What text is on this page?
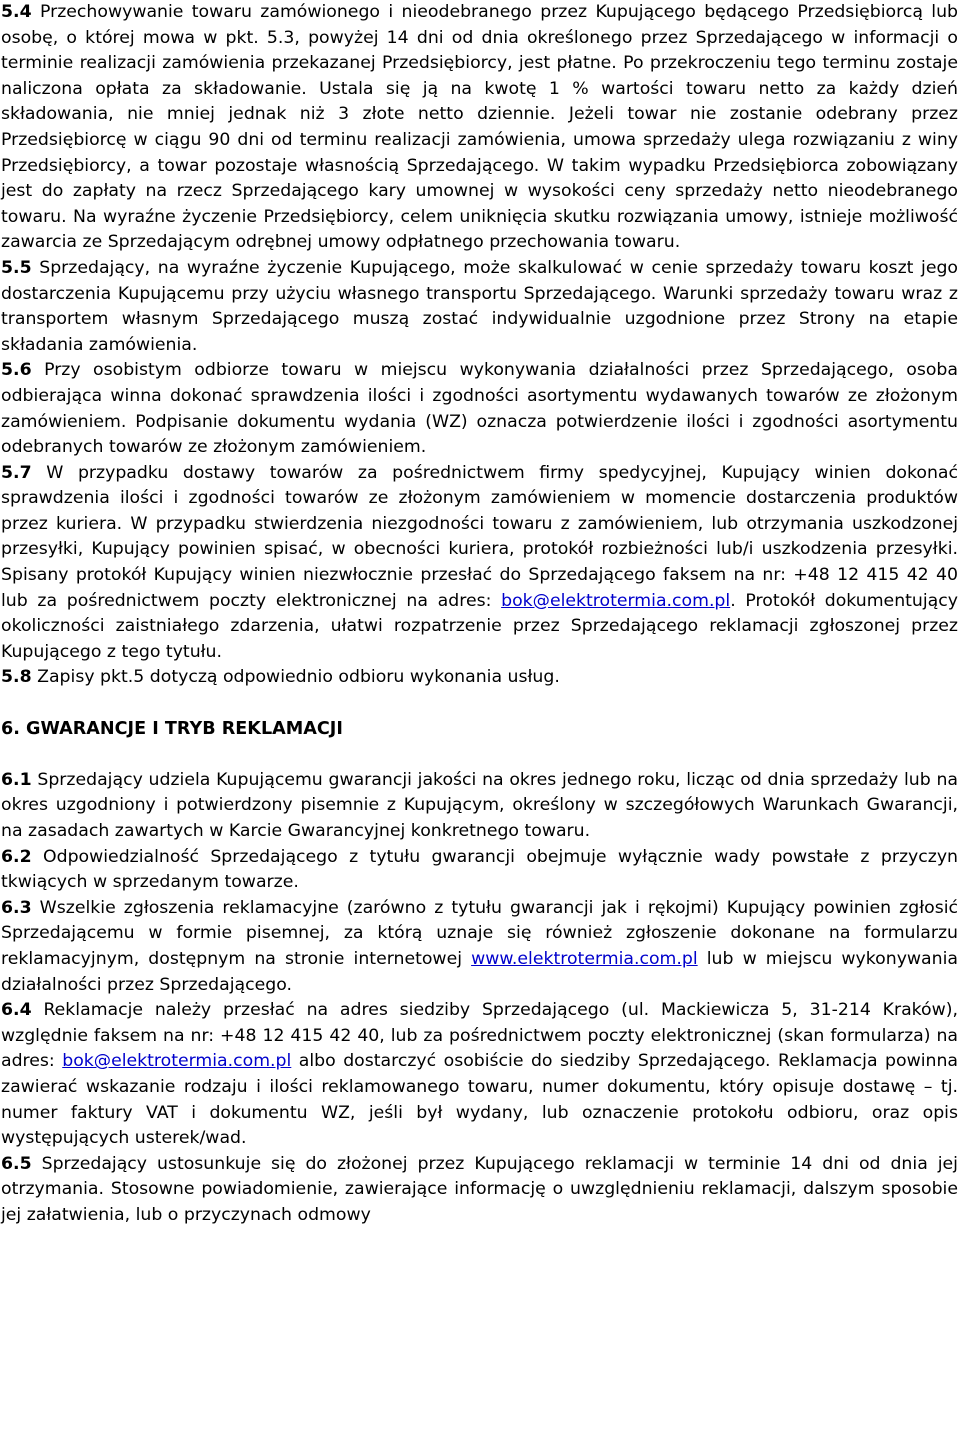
5.4 Przechowywanie towaru zamówionego i nieodebranego przez Kupującego będącego Przedsiębiorcą lub osobę, o której mowa w pkt. 5.3, powyżej 14 dni od dnia określonego przez Sprzedającego w informacji o terminie realizacji zamówienia przekazanej Przedsiębiorcy, jest płatne. Po przekroczeniu tego terminu zostaje naliczona opłata za składowanie. Ustala się ją na kwotę 1 % wartości towaru netto za każdy dzień składowania, nie mniej jednak niż 3 złote netto dziennie. Jeżeli towar nie zostanie odebrany przez Przedsiębiorcę w ciągu 90 dni od terminu realizacji zamówienia, umowa sprzedaży ulega rozwiązaniu z winy Przedsiębiorcy, a towar pozostaje własnością Sprzedającego. W takim wypadku Przedsiębiorca zobowiązany jest do zapłaty na rzecz Sprzedającego kary umownej w wysokości ceny sprzedaży netto nieodebranego towaru. Na wyraźne życzenie Przedsiębiorcy, celem uniknięcia skutku rozwiązania umowy, istnieje możliwość zawarcia ze Sprzedającym odrębnej umowy odpłatnego przechowania towaru.

5.5 Sprzedający, na wyraźne życzenie Kupującego, może skalkulować w cenie sprzedaży towaru koszt jego dostarczenia Kupującemu przy użyciu własnego transportu Sprzedającego. Warunki sprzedaży towaru wraz z transportem własnym Sprzedającego muszą zostać indywidualnie uzgodnione przez Strony na etapie składania zamówienia.

5.6 Przy osobistym odbiorze towaru w miejscu wykonywania działalności przez Sprzedającego, osoba odbierająca winna dokonać sprawdzenia ilości i zgodności asortymentu wydawanych towarów ze złożonym zamówieniem. Podpisanie dokumentu wydania (WZ) oznacza potwierdzenie ilości i zgodności asortymentu odebranych towarów ze złożonym zamówieniem.

5.7 W przypadku dostawy towarów za pośrednictwem firmy spedycyjnej, Kupujący winien dokonać sprawdzenia ilości i zgodności towarów ze złożonym zamówieniem w momencie dostarczenia produktów przez kuriera. W przypadku stwierdzenia niezgodności towaru z zamówieniem, lub otrzymania uszkodzonej przesyłki, Kupujący powinien spisać, w obecności kuriera, protokół rozbieżności lub/i uszkodzenia przesyłki. Spisany protokół Kupujący winien niezwłocznie przesłać do Sprzedającego faksem na nr: +48 12 415 42 40 lub za pośrednictwem poczty elektronicznej na adres: bok@elektrotermia.com.pl. Protokół dokumentujący okoliczności zaistniałego zdarzenia, ułatwi rozpatrzenie przez Sprzedającego reklamacji zgłoszonej przez Kupującego z tego tytułu.

5.8 Zapisy pkt.5 dotyczą odpowiednio odbioru wykonania usług.

6. GWARANCJE I TRYB REKLAMACJI

6.1 Sprzedający udziela Kupującemu gwarancji jakości na okres jednego roku, licząc od dnia sprzedaży lub na okres uzgodniony i potwierdzony pisemnie z Kupującym, określony w szczegółowych Warunkach Gwarancji, na zasadach zawartych w Karcie Gwarancyjnej konkretnego towaru.

6.2 Odpowiedzialność Sprzedającego z tytułu gwarancji obejmuje wyłącznie wady powstałe z przyczyn tkwiących w sprzedanym towarze.

6.3 Wszelkie zgłoszenia reklamacyjne (zarówno z tytułu gwarancji jak i rękojmi) Kupujący powinien zgłosić Sprzedającemu w formie pisemnej, za którą uznaje się również zgłoszenie dokonane na formularzu reklamacyjnym, dostępnym na stronie internetowej www.elektrotermia.com.pl lub w miejscu wykonywania działalności przez Sprzedającego.

6.4 Reklamacje należy przesłać na adres siedziby Sprzedającego (ul. Mackiewicza 5, 31-214 Kraków), względnie faksem na nr: +48 12 415 42 40, lub za pośrednictwem poczty elektronicznej (skan formularza) na adres: bok@elektrotermia.com.pl albo dostarczyć osobiście do siedziby Sprzedającego. Reklamacja powinna zawierać wskazanie rodzaju i ilości reklamowanego towaru, numer dokumentu, który opisuje dostawę – tj. numer faktury VAT i dokumentu WZ, jeśli był wydany, lub oznaczenie protokołu odbioru, oraz opis występujących usterek/wad.

6.5 Sprzedający ustosunkuje się do złożonej przez Kupującego reklamacji w terminie 14 dni od dnia jej otrzymania. Stosowne powiadomienie, zawierające informację o uwzględnieniu reklamacji, dalszym sposobie jej załatwienia, lub o przyczynach odmowy
